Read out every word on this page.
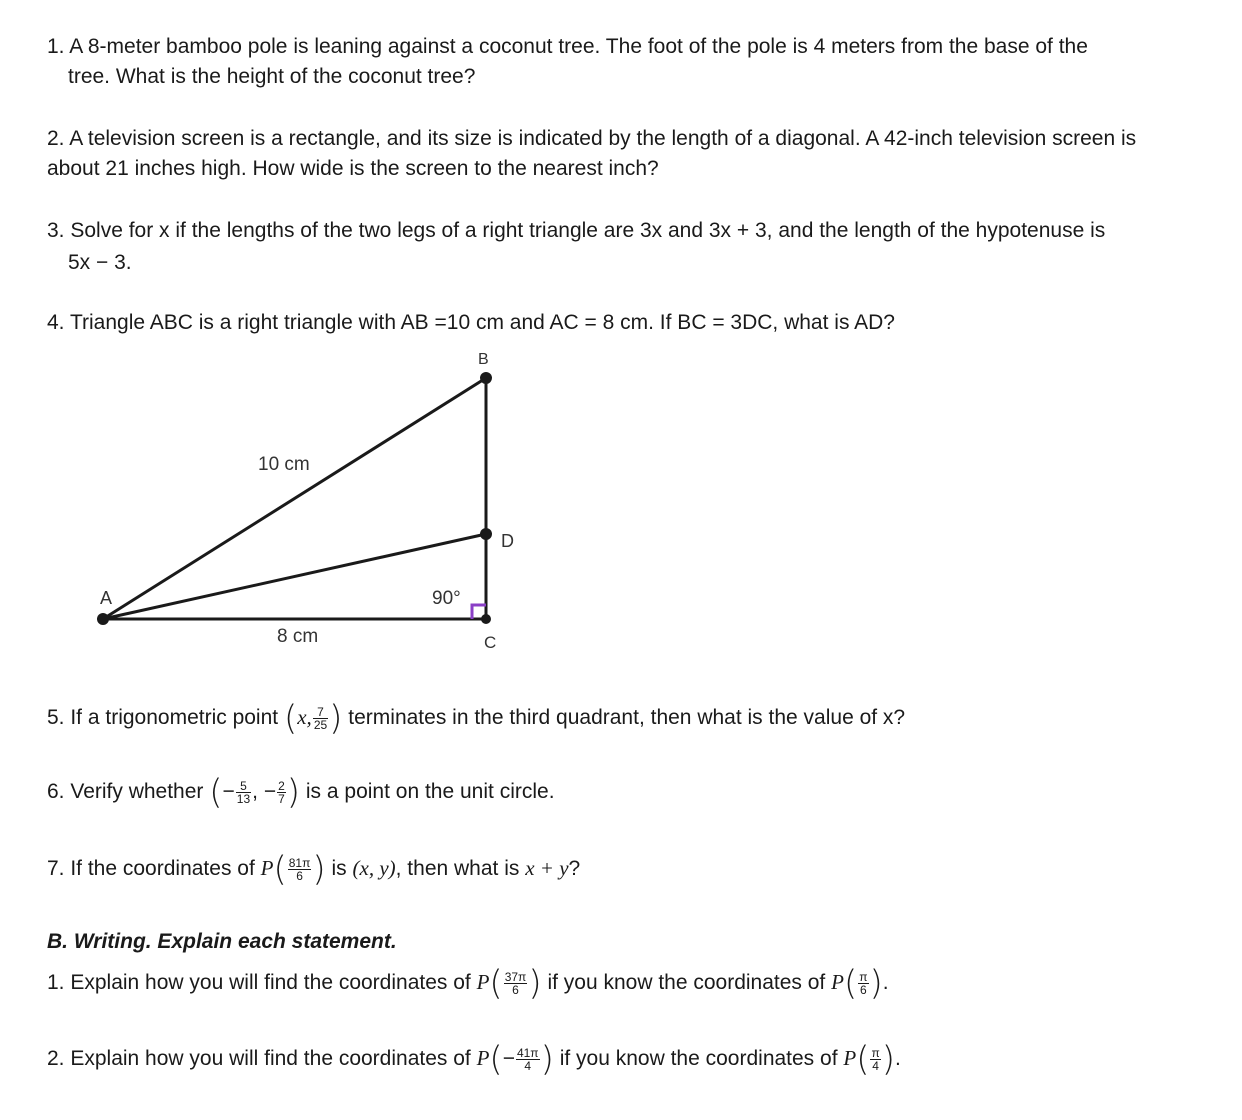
1. A 8-meter bamboo pole is leaning against a coconut tree. The foot of the pole is 4 meters from the base of the
tree. What is the height of the coconut tree?
2. A television screen is a rectangle, and its size is indicated by the length of a diagonal. A 42-inch television screen is
about 21 inches high. How wide is the screen to the nearest inch?
3. Solve for x if the lengths of the two legs of a right triangle are 3x and 3x + 3, and the length of the hypotenuse is
5x − 3.
4. Triangle ABC is a right triangle with AB =10 cm and AC = 8 cm. If BC = 3DC, what is AD?
A
B
D
C
10 cm
8 cm
90°
5. If a trigonometric point (x, $\frac{7}{25}$ ) terminates in the third quadrant, then what is the value of x?
6. Verify whether (− $\frac{5}{13}$ , − $\frac{2}{7}$ ) is a point on the unit circle.
7. If the coordinates of $P( \frac{81\pi}{6}$ ) is (x, y), then what is x + y?
B. Writing. Explain each statement.
1. Explain how you will find the coordinates of $P( \frac{37\pi}{6}$ ) if you know the coordinates of $P( \frac{\pi}{6}$ ).
2. Explain how you will find the coordinates of $P(- \frac{41\pi}{4}$ ) if you know the coordinates of $P( \frac{\pi}{4}$ ).
